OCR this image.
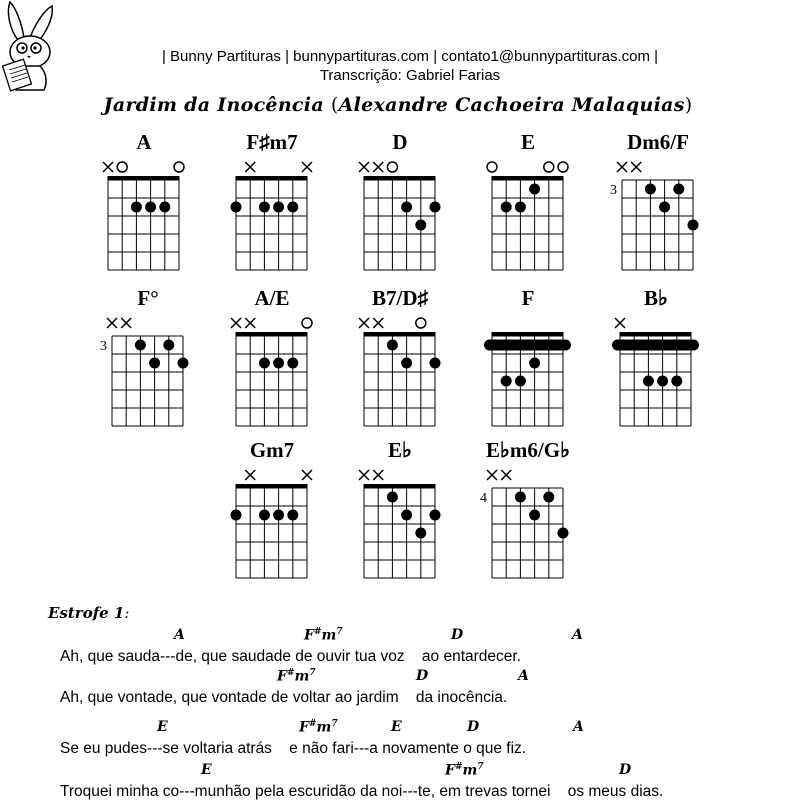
| Bunny Partituras | bunnypartituras.com | contato1@bunnypartituras.com |
Transcrição: Gabriel Farias
Jardim da Inocência (Alexandre Cachoeira Malaquias)
A	F♯m7	D	E	Dm6/F
3
F°
3
A/E	B7/D♯	F	B♭
Gm7	E♭	E♭m6/G♭
4
Estrofe 1:
Ah, que sauda---de, que saudade de ouvir tua voz    ao entardecer.
A	$F^{\#}m^7$	D	A
Ah, que vontade, que vontade de voltar ao jardim    da inocência.
$F^{\#}m^7$	D	A
Se eu pudes---se voltaria atrás    e não fari---a novamente o que fiz.
E	$F^{\#}m^7$	E	D	A
Troquei minha co---munhão pela escuridão da noi---te, em trevas tornei    os meus dias.
E	$F^{\#}m^7$	D
